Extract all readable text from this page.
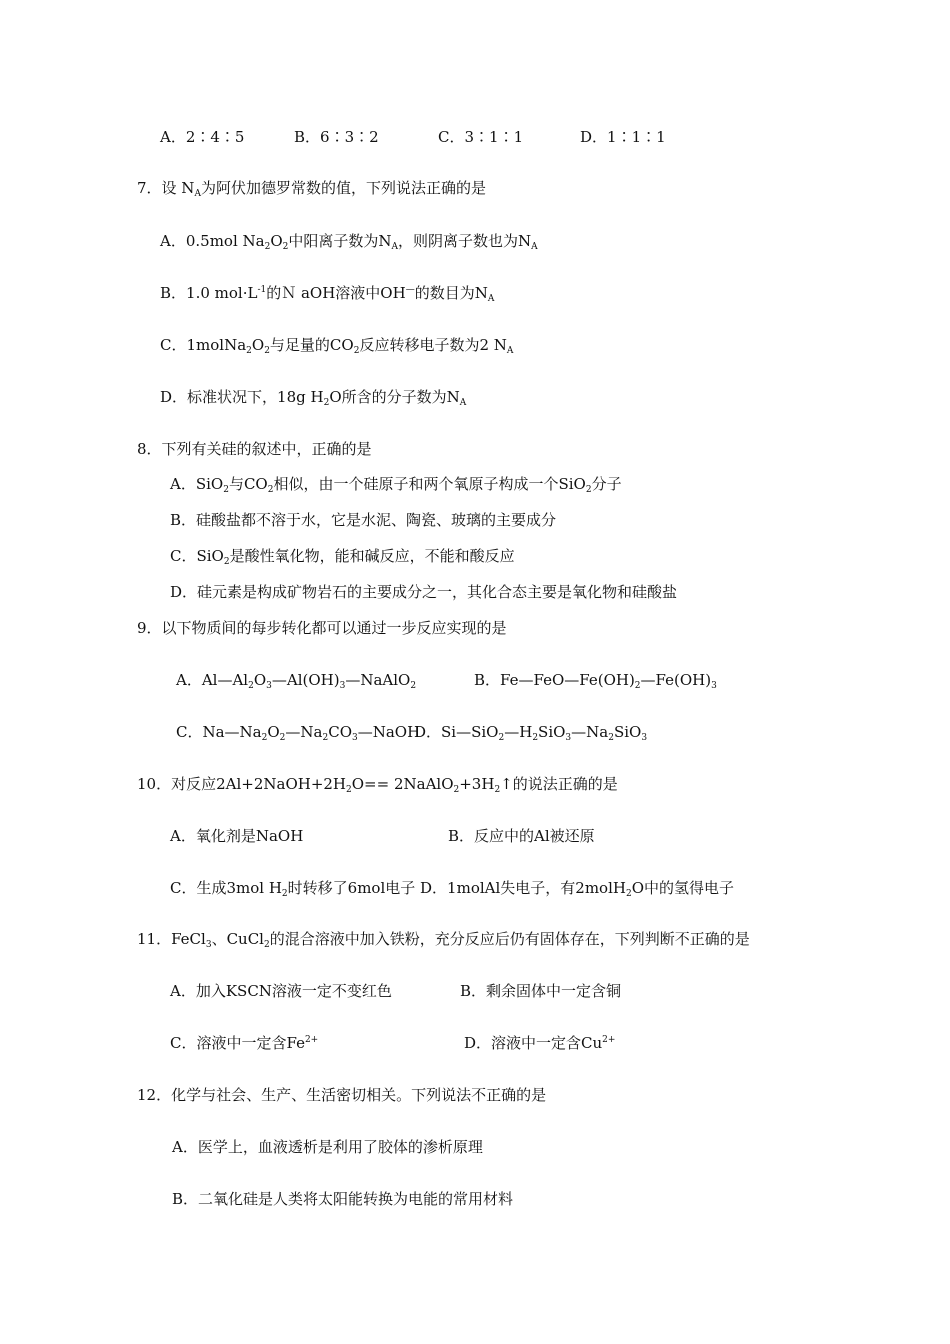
A．2∶4∶5	B．6∶3∶2	C．3∶1∶1	D．1∶1∶1
7．设 $N_A$为阿伏加德罗常数的值，下列说法正确的是
A．0.5mol $Na_2O_2$中阳离子数为$N_A$，则阴离子数也为$N_A$
B．1.0 $mol\cdot L^{-1}$的Ｎ aOH溶液中OH—的数目为$N_A$
C．$1molNa_2O_2$与足量的$CO_2$反应转移电子数为2 $N_A$
D．标准状况下，18g $H_2O$所含的分子数为$N_A$
8．下列有关硅的叙述中，正确的是
A．SiO$_2$与$CO_2$相似，由一个硅原子和两个氧原子构成一个SiO$_2$分子
B．硅酸盐都不溶于水，它是水泥、陶瓷、玻璃的主要成分
C．SiO$_2$是酸性氧化物，能和碱反应，不能和酸反应
D．硅元素是构成矿物岩石的主要成分之一，其化合态主要是氧化物和硅酸盐
9．以下物质间的每步转化都可以通过一步反应实现的是
A．$Al—Al_2O_3—Al(OH)_3—NaAlO_2$	B．$Fe—FeO—Fe(OH)_2—Fe(OH)_3$
C．$Na—Na_2O_2—Na_2CO_3—NaOH$
D．$Si—SiO_2—H_2SiO_3—Na_2SiO_3$
10．对反应$2Al+2NaOH+2H_2O==$ $2NaAlO_2+3H_2↑$的说法正确的是
A．氧化剂是NaOH	B．反应中的Al被还原
C．生成3mol $H_2$时转移了6mol电子 D．1molAl失电子，有2molH$_2$O中的氢得电子
11．FeCl$_3$、CuCl$_2$的混合溶液中加入铁粉，充分反应后仍有固体存在，下列判断不正确的是
A．加入KSCN溶液一定不变红色	B．剩余固体中一定含铜
C．溶液中一定含$Fe^{2+}$	D．溶液中一定含$Cu^{2+}$
12．化学与社会、生产、生活密切相关。下列说法不正确的是
A．医学上，血液透析是利用了胶体的渗析原理
B．二氧化硅是人类将太阳能转换为电能的常用材料
